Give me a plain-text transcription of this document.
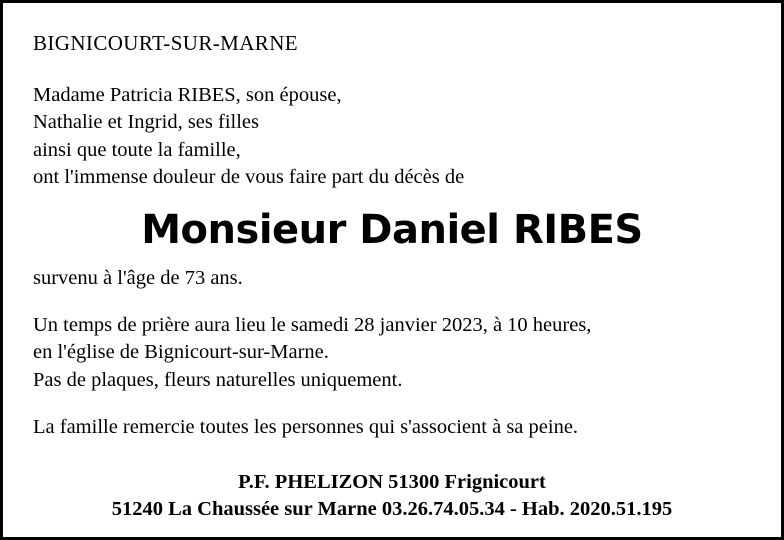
BIGNICOURT-SUR-MARNE
Madame Patricia RIBES, son épouse,
Nathalie et Ingrid, ses filles
ainsi que toute la famille,
ont l'immense douleur de vous faire part du décès de
Monsieur Daniel RIBES
survenu à l'âge de 73 ans.
Un temps de prière aura lieu le samedi 28 janvier 2023, à 10 heures,
en l'église de Bignicourt-sur-Marne.
Pas de plaques, fleurs naturelles uniquement.
La famille remercie toutes les personnes qui s'associent à sa peine.
P.F. PHELIZON 51300 Frignicourt
51240 La Chaussée sur Marne 03.26.74.05.34 - Hab. 2020.51.195
